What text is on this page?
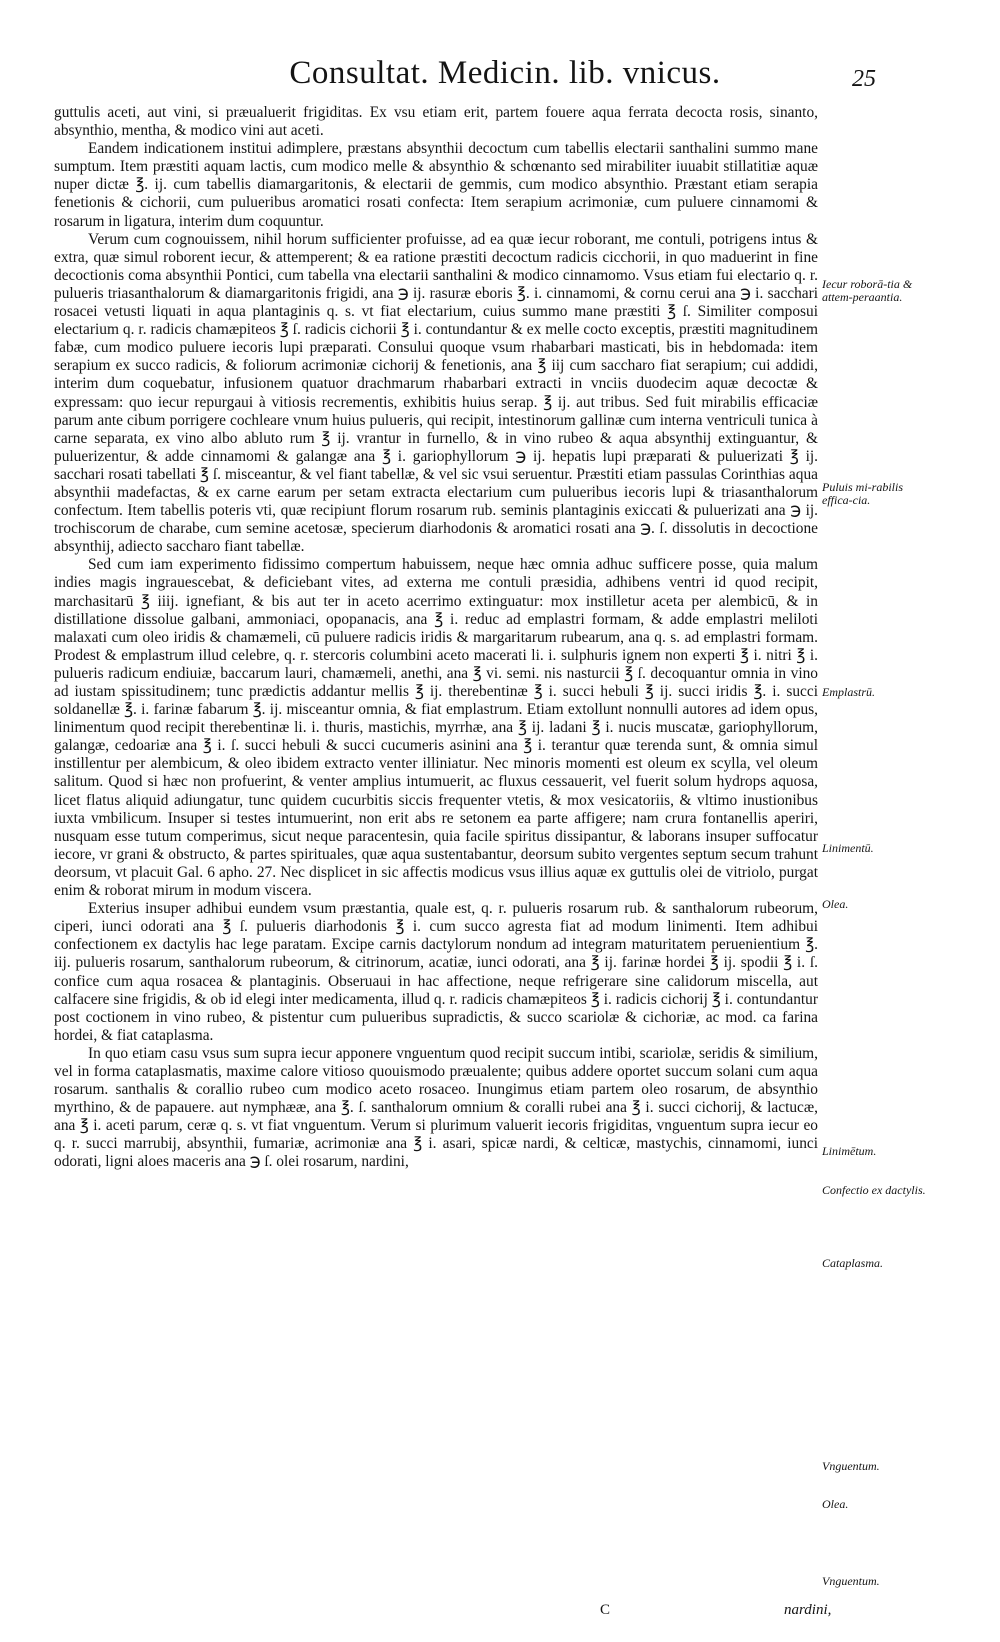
Consultat. Medicin. lib. vnicus.	25

guttulis aceti, aut vini, si præualuerit frigiditas. Ex vsu etiam erit, partem fouere aqua ferrata decocta rosis, sinanto, absynthio, mentha, & modico vini aut aceti.

Eandem indicationem institui adimplere, præstans absynthii decoctum cum tabellis electarii santhalini summo mane sumptum. Item præstiti aquam lactis, cum modico melle & absynthio & schœnanto sed mirabiliter iuuabit stillatitiæ aquæ nuper dictæ ℥. ij. cum tabellis diamargaritonis, & electarii de gemmis, cum modico absynthio. Præstant etiam serapia fenetionis & cichorii, cum pulueribus aromatici rosati confecta: Item serapium acrimoniæ, cum puluere cinnamomi & rosarum in ligatura, interim dum coquuntur.

Verum cum cognouissem, nihil horum sufficienter profuisse, ad ea quæ iecur roborant, me contuli, potrigens intus & extra, quæ simul roborent iecur, & attemperent; & ea ratione præstiti decoctum radicis cicchorii, in quo maduerint in fine decoctionis coma absynthii Pontici, cum tabella vna electarii santhalini & modico cinnamomo. Vsus etiam fui electario q. r. pulueris triasanthalorum & diamargaritonis frigidi, ana ℈ ij. rasuræ eboris ℥. i. cinnamomi, & cornu cerui ana ℈ i. sacchari rosacei vetusti liquati in aqua plantaginis q. s. vt fiat electarium, cuius summo mane præstiti ℥ ſ. Similiter composui electarium q. r. radicis chamæpiteos ℥ ſ. radicis cichorii ℥ i. contundantur & ex melle cocto exceptis, præstiti magnitudinem fabæ, cum modico puluere iecoris lupi præparati. Consului quoque vsum rhabarbari masticati, bis in hebdomada: item serapium ex succo radicis, & foliorum acrimoniæ cichorij & fenetionis, ana ℥ iij cum saccharo fiat serapium; cui addidi, interim dum coquebatur, infusionem quatuor drachmarum rhabarbari extracti in vnciis duodecim aquæ decoctæ & expressam: quo iecur repurgaui à vitiosis recrementis, exhibitis huius serap. ℥ ij. aut tribus. Sed fuit mirabilis efficaciæ parum ante cibum porrigere cochleare vnum huius pulueris, qui recipit, intestinorum gallinæ cum interna ventriculi tunica à carne separata, ex vino albo abluto rum ℥ ij. vrantur in furnello, & in vino rubeo & aqua absynthij extinguantur, & puluerizentur, & adde cinnamomi & galangæ ana ℥ i. gariophyllorum ℈ ij. hepatis lupi præparati & puluerizati ℥ ij. sacchari rosati tabellati ℥ ſ. misceantur, & vel fiant tabellæ, & vel sic vsui seruentur. Præstiti etiam passulas Corinthias aqua absynthii madefactas, & ex carne earum per setam extracta electarium cum pulueribus iecoris lupi & triasanthalorum confectum. Item tabellis poteris vti, quæ recipiunt florum rosarum rub. seminis plantaginis exiccati & puluerizati ana ℈ ij. trochiscorum de charabe, cum semine acetosæ, specierum diarhodonis & aromatici rosati ana ℈. ſ. dissolutis in decoctione absynthij, adiecto saccharo fiant tabellæ.

Sed cum iam experimento fidissimo compertum habuissem, neque hæc omnia adhuc sufficere posse, quia malum indies magis ingrauescebat, & deficiebant vites, ad externa me contuli præsidia, adhibens ventri id quod recipit, marchasitarū ℥ iiij. ignefiant, & bis aut ter in aceto acerrimo extinguatur: mox instilletur aceta per alembicū, & in distillatione dissolue galbani, ammoniaci, opopanacis, ana ℥ i. reduc ad emplastri formam, & adde emplastri meliloti malaxati cum oleo iridis & chamæmeli, cū puluere radicis iridis & margaritarum rubearum, ana q. s. ad emplastri formam. Prodest & emplastrum illud celebre, q. r. stercoris columbini aceto macerati li. i. sulphuris ignem non experti ℥ i. nitri ℥ i. pulueris radicum endiuiæ, baccarum lauri, chamæmeli, anethi, ana ℥ vi. semi. nis nasturcii ℥ ſ. decoquantur omnia in vino ad iustam spissitudinem; tunc prædictis addantur mellis ℥ ij. therebentinæ ℥ i. succi hebuli ℥ ij. succi iridis ℥. i. succi soldanellæ ℥. i. farinæ fabarum ℥. ij. misceantur omnia, & fiat emplastrum. Etiam extollunt nonnulli autores ad idem opus, linimentum quod recipit therebentinæ li. i. thuris, mastichis, myrrhæ, ana ℥ ij. ladani ℥ i. nucis muscatæ, gariophyllorum, galangæ, cedoariæ ana ℥ i. ſ. succi hebuli & succi cucumeris asinini ana ℥ i. terantur quæ terenda sunt, & omnia simul instillentur per alembicum, & oleo ibidem extracto venter illiniatur. Nec minoris momenti est oleum ex scylla, vel oleum salitum. Quod si hæc non profuerint, & venter amplius intumuerit, ac fluxus cessauerit, vel fuerit solum hydrops aquosa, licet flatus aliquid adiungatur, tunc quidem cucurbitis siccis frequenter vtetis, & mox vesicatoriis, & vltimo inustionibus iuxta vmbilicum. Insuper si testes intumuerint, non erit abs re setonem ea parte affigere; nam crura fontanellis aperiri, nusquam esse tutum comperimus, sicut neque paracentesin, quia facile spiritus dissipantur, & laborans insuper suffocatur iecore, vr grani & obstructo, & partes spirituales, quæ aqua sustentabantur, deorsum subito vergentes septum secum trahunt deorsum, vt placuit Gal. 6 apho. 27. Nec displicet in sic affectis modicus vsus illius aquæ ex guttulis olei de vitriolo, purgat enim & roborat mirum in modum viscera.

Exterius insuper adhibui eundem vsum præstantia, quale est, q. r. pulueris rosarum rub. & santhalorum rubeorum, ciperi, iunci odorati ana ℥ ſ. pulueris diarhodonis ℥ i. cum succo agresta fiat ad modum linimenti. Item adhibui confectionem ex dactylis hac lege paratam. Excipe carnis dactylorum nondum ad integram maturitatem peruenientium ℥. iij. pulueris rosarum, santhalorum rubeorum, & citrinorum, acatiæ, iunci odorati, ana ℥ ij. farinæ hordei ℥ ij. spodii ℥ i. ſ. confice cum aqua rosacea & plantaginis. Obseruaui in hac affectione, neque refrigerare sine calidorum miscella, aut calfacere sine frigidis, & ob id elegi inter medicamenta, illud q. r. radicis chamæpiteos ℥ i. radicis cichorij ℥ i. contundantur post coctionem in vino rubeo, & pistentur cum pulueribus supradictis, & succo scariolæ & cichoriæ, ac mod. ca farina hordei, & fiat cataplasma.

In quo etiam casu vsus sum supra iecur apponere vnguentum quod recipit succum intibi, scariolæ, seridis & similium, vel in forma cataplasmatis, maxime calore vitioso quouismodo præualente; quibus addere oportet succum solani cum aqua rosarum. santhalis & corallio rubeo cum modico aceto rosaceo. Inungimus etiam partem oleo rosarum, de absynthio myrthino, & de papauere. aut nymphææ, ana ℥. ſ. santhalorum omnium & coralli rubei ana ℥ i. succi cichorij, & lactucæ, ana ℥ i. aceti parum, ceræ q. s. vt fiat vnguentum. Verum si plurimum valuerit iecoris frigiditas, vnguentum supra iecur eo q. r. succi marrubij, absynthii, fumariæ, acrimoniæ ana ℥ i. asari, spicæ nardi, & celticæ, mastychis, cinnamomi, iunci odorati, ligni aloes maceris ana ℈ ſ. olei rosarum, nardini,

Iecur roborā-tia & attem-peraantia.
Puluis mi-rabilis effica-cia.
Emplastrū.
Linimentū.
Olea.
Linimētum.
Confectio ex dactylis.
Cataplasma.
Vnguentum.
Olea.
Vnguentum.
C	nardini,
